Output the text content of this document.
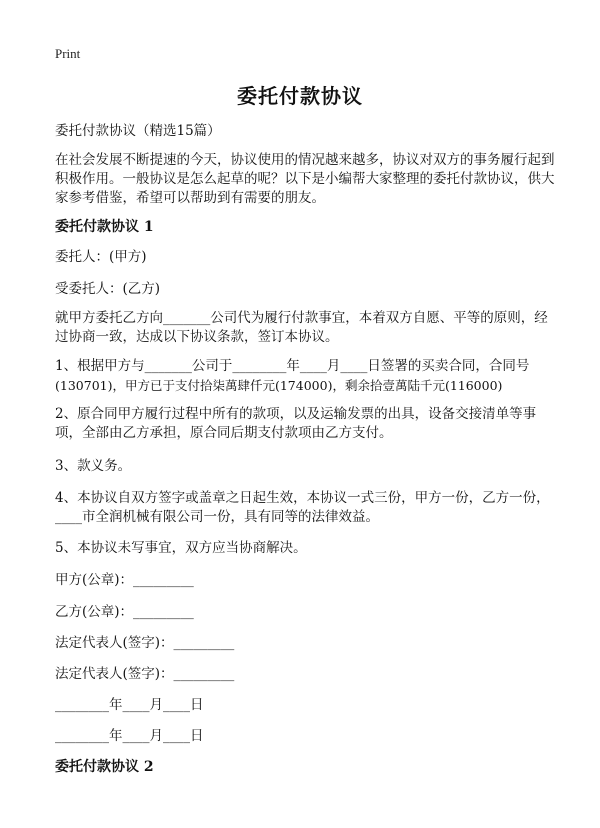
Print
委托付款协议
委托付款协议（精选15篇）
在社会发展不断提速的今天，协议使用的情况越来越多，协议对双方的事务履行起到积极作用。一般协议是怎么起草的呢？以下是小编帮大家整理的委托付款协议，供大家参考借鉴，希望可以帮助到有需要的朋友。
委托付款协议 1
委托人：(甲方)
受委托人：(乙方)
就甲方委托乙方向_______公司代为履行付款事宜，本着双方自愿、平等的原则，经过协商一致，达成以下协议条款，签订本协议。
1、根据甲方与_______公司于________年____月____日签署的买卖合同，合同号
(130701)，甲方已于支付拾柒萬肆仟元(174000)，剩余拾壹萬陆千元(116000)
2、原合同甲方履行过程中所有的款项，以及运输发票的出具，设备交接清单等事项，全部由乙方承担，原合同后期支付款项由乙方支付。
3、款义务。
4、本协议自双方签字或盖章之日起生效，本协议一式三份，甲方一份，乙方一份，____市全润机械有限公司一份，具有同等的法律效益。
5、本协议未写事宜，双方应当协商解决。
甲方(公章)：_________
乙方(公章)：_________
法定代表人(签字)：_________
法定代表人(签字)：_________
________年____月____日
________年____月____日
委托付款协议 2
